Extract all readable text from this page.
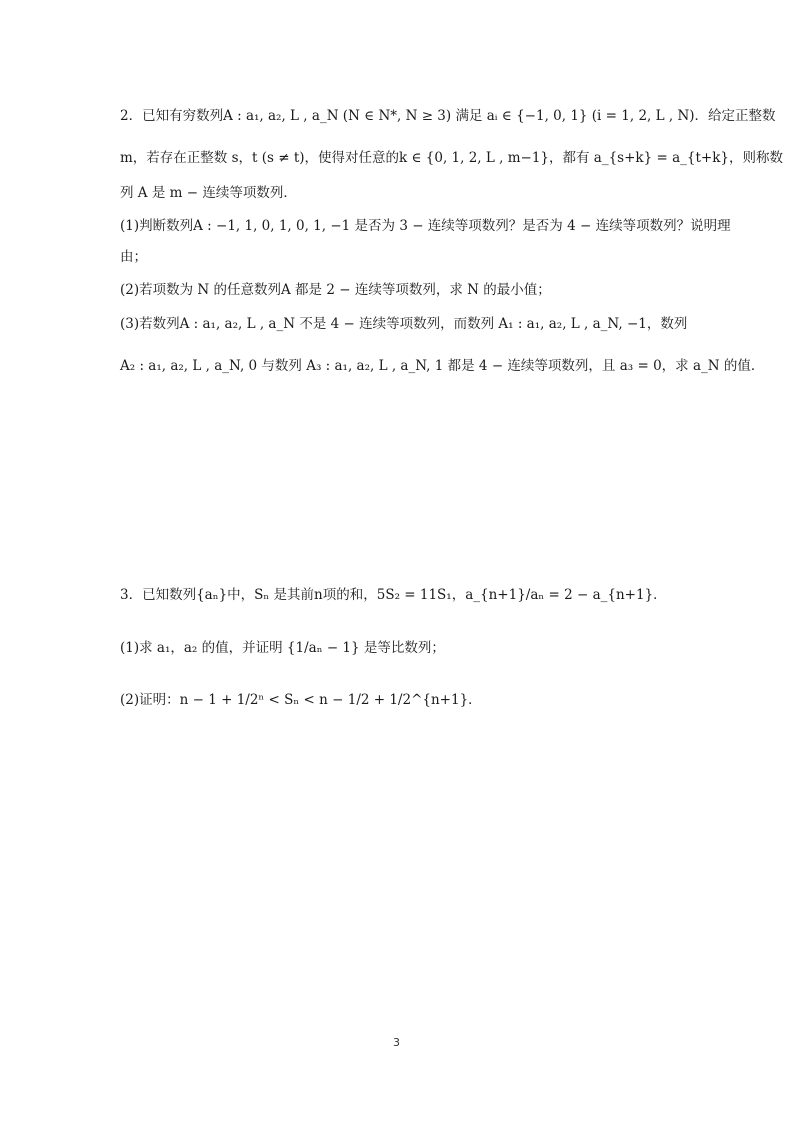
2．已知有穷数列A : a₁, a₂, L , a_N (N ∈ N*, N ≥ 3) 满足 aᵢ ∈ {−1, 0, 1} (i = 1, 2, L , N)．给定正整数
m，若存在正整数 s，t (s ≠ t)，使得对任意的k ∈ {0, 1, 2, L , m−1}，都有 a_{s+k} = a_{t+k}，则称数
列 A 是 m − 连续等项数列．
(1)判断数列A : −1, 1, 0, 1, 0, 1, −1 是否为 3 − 连续等项数列？是否为 4 − 连续等项数列？说明理
由；
(2)若项数为 N 的任意数列A 都是 2 − 连续等项数列，求 N 的最小值；
(3)若数列A : a₁, a₂, L , a_N 不是 4 − 连续等项数列，而数列 A₁ : a₁, a₂, L , a_N, −1，数列
A₂ : a₁, a₂, L , a_N, 0 与数列 A₃ : a₁, a₂, L , a_N, 1 都是 4 − 连续等项数列，且 a₃ = 0，求 a_N 的值．
3．已知数列{aₙ}中，Sₙ 是其前n项的和，5S₂ = 11S₁，a_{n+1}/aₙ = 2 − a_{n+1}．
(1)求 a₁，a₂ 的值，并证明 {1/aₙ − 1} 是等比数列；
(2)证明：n − 1 + 1/2ⁿ < Sₙ < n − 1/2 + 1/2^{n+1}．
3
